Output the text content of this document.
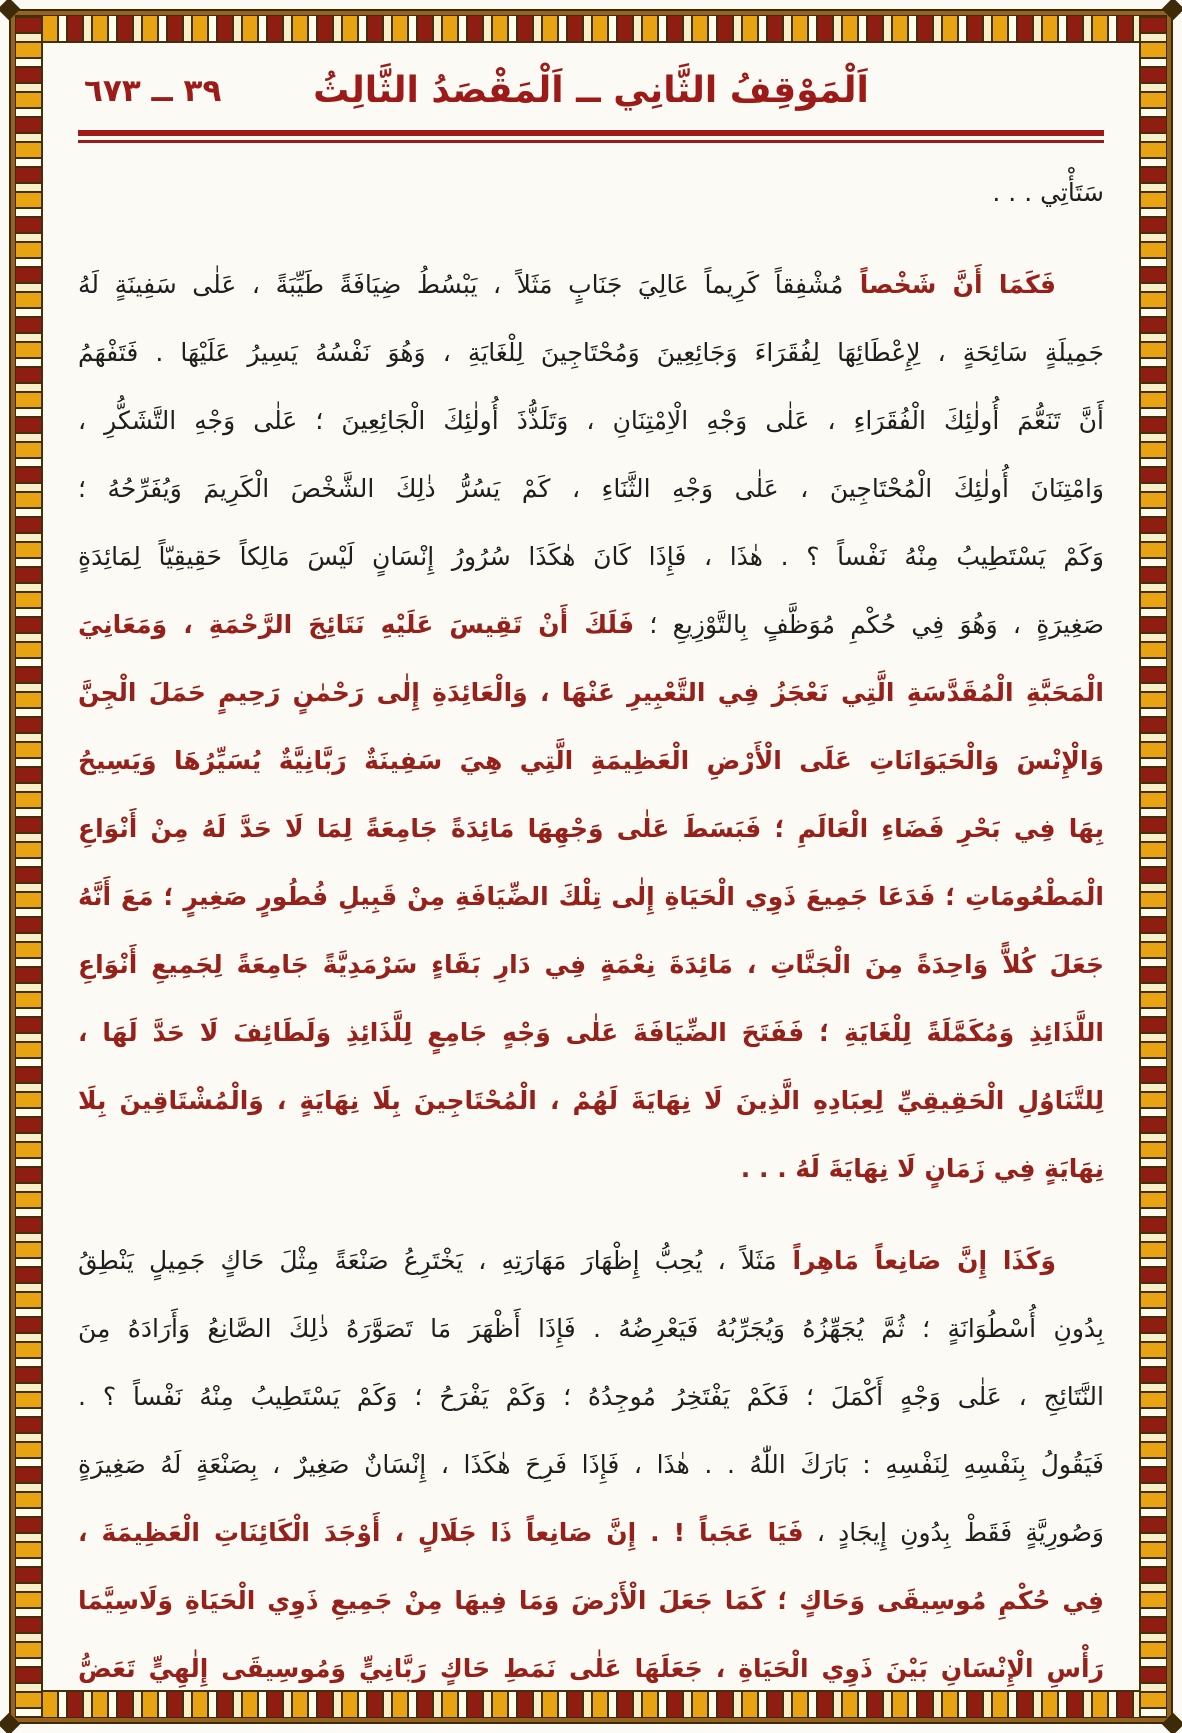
٣٩ ــ ٦٧٣	اَلْمَوْقِفُ الثَّانِي ــ اَلْمَقْصَدُ الثَّالِثُ
سَتَأْتِي . . .
فَكَمَا أَنَّ شَخْصاً مُشْفِقاً كَرِيماً عَالِيَ جَنَابٍ مَثَلاً ، يَبْسُطُ ضِيَافَةً طَيِّبَةً ، عَلٰى سَفِينَةٍ لَهُ
جَمِيلَةٍ سَائِحَةٍ ، لِإِعْطَائِهَا لِفُقَرَاءَ وَجَائِعِينَ وَمُحْتَاجِينَ لِلْغَايَةِ ، وَهُوَ نَفْسُهُ يَسِيرُ عَلَيْهَا . فَتَفْهَمُ
أَنَّ تَنَعُّمَ أُولٰئِكَ الْفُقَرَاءِ ، عَلٰى وَجْهِ الْاِمْتِنَانِ ، وَتَلَذُّذَ أُولٰئِكَ الْجَائِعِينَ ؛ عَلٰى وَجْهِ التَّشَكُّرِ ،
وَامْتِنَانَ أُولٰئِكَ الْمُحْتَاجِينَ ، عَلٰى وَجْهِ الثَّنَاءِ ، كَمْ يَسُرُّ ذٰلِكَ الشَّخْصَ الْكَرِيمَ وَيُفَرِّحُهُ ؛
وَكَمْ يَسْتَطِيبُ مِنْهُ نَفْساً ؟ . هٰذَا ، فَإِذَا كَانَ هٰكَذَا سُرُورُ إِنْسَانٍ لَيْسَ مَالِكاً حَقِيقِيّاً لِمَائِدَةٍ
صَغِيرَةٍ ، وَهُوَ فِي حُكْمِ مُوَظَّفٍ بِالتَّوْزِيعِ ؛ فَلَكَ أَنْ تَقِيسَ عَلَيْهِ نَتَائِجَ الرَّحْمَةِ ، وَمَعَانِيَ
الْمَحَبَّةِ الْمُقَدَّسَةِ الَّتِي نَعْجَزُ فِي التَّعْبِيرِ عَنْهَا ، وَالْعَائِدَةِ إِلٰى رَحْمٰنٍ رَحِيمٍ حَمَلَ الْجِنَّ
وَالْإِنْسَ وَالْحَيَوَانَاتِ عَلَى الْأَرْضِ الْعَظِيمَةِ الَّتِي هِيَ سَفِينَةٌ رَبَّانِيَّةٌ يُسَيِّرُهَا وَيَسِيحُ
بِهَا فِي بَحْرِ فَضَاءِ الْعَالَمِ ؛ فَبَسَطَ عَلٰى وَجْهِهَا مَائِدَةً جَامِعَةً لِمَا لَا حَدَّ لَهُ مِنْ أَنْوَاعِ
الْمَطْعُومَاتِ ؛ فَدَعَا جَمِيعَ ذَوِي الْحَيَاةِ إِلٰى تِلْكَ الضِّيَافَةِ مِنْ قَبِيلِ فُطُورٍ صَغِيرٍ ؛ مَعَ أَنَّهُ
جَعَلَ كُلاًّ وَاحِدَةً مِنَ الْجَنَّاتِ ، مَائِدَةَ نِعْمَةٍ فِي دَارِ بَقَاءٍ سَرْمَدِيَّةً جَامِعَةً لِجَمِيعِ أَنْوَاعِ
اللَّذَائِذِ وَمُكَمَّلَةً لِلْغَايَةِ ؛ فَفَتَحَ الضِّيَافَةَ عَلٰى وَجْهٍ جَامِعٍ لِلَّذَائِذِ وَلَطَائِفَ لَا حَدَّ لَهَا ،
لِلتَّنَاوُلِ الْحَقِيقِيِّ لِعِبَادِهِ الَّذِينَ لَا نِهَايَةَ لَهُمْ ، الْمُحْتَاجِينَ بِلَا نِهَايَةٍ ، وَالْمُشْتَاقِينَ بِلَا
نِهَايَةٍ فِي زَمَانٍ لَا نِهَايَةَ لَهُ . . .
وَكَذَا إِنَّ صَانِعاً مَاهِراً مَثَلاً ، يُحِبُّ إِظْهَارَ مَهَارَتِهِ ، يَخْتَرِعُ صَنْعَةً مِثْلَ حَاكٍ جَمِيلٍ يَنْطِقُ
بِدُونِ أُسْطُوَانَةٍ ؛ ثُمَّ يُجَهِّزُهُ وَيُجَرِّبُهُ فَيَعْرِضُهُ . فَإِذَا أَظْهَرَ مَا تَصَوَّرَهُ ذٰلِكَ الصَّانِعُ وَأَرَادَهُ مِنَ
النَّتَائِجِ ، عَلٰى وَجْهٍ أَكْمَلَ ؛ فَكَمْ يَفْتَخِرُ مُوجِدُهُ ؛ وَكَمْ يَفْرَحُ ؛ وَكَمْ يَسْتَطِيبُ مِنْهُ نَفْساً ؟ .
فَيَقُولُ بِنَفْسِهِ لِنَفْسِهِ : بَارَكَ اللّٰهُ . . هٰذَا ، فَإِذَا فَرِحَ هٰكَذَا ، إِنْسَانٌ صَغِيرٌ ، بِصَنْعَةٍ لَهُ صَغِيرَةٍ
وَصُورِيَّةٍ فَقَطْ بِدُونِ إِيجَادٍ ، فَيَا عَجَباً ! . إِنَّ صَانِعاً ذَا جَلَالٍ ، أَوْجَدَ الْكَائِنَاتِ الْعَظِيمَةَ ،
فِي حُكْمِ مُوسِيقَى وَحَاكٍ ؛ كَمَا جَعَلَ الْأَرْضَ وَمَا فِيهَا مِنْ جَمِيعِ ذَوِي الْحَيَاةِ وَلَاسِيَّمَا
رَأْسِ الْإِنْسَانِ بَيْنَ ذَوِي الْحَيَاةِ ، جَعَلَهَا عَلٰى نَمَطِ حَاكٍ رَبَّانِيٍّ وَمُوسِيقَى إِلٰهِيٍّ تَعَضُّ
